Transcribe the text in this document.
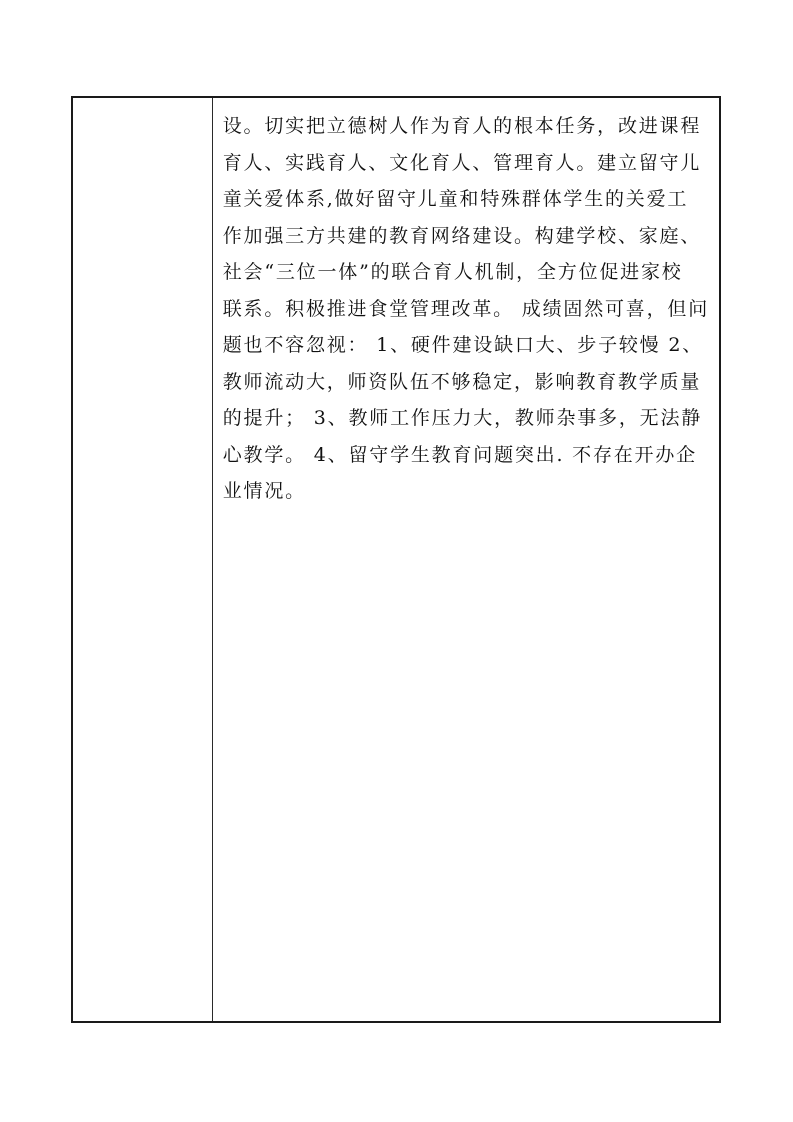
设。切实把立德树人作为育人的根本任务，改进课程
育人、实践育人、文化育人、管理育人。建立留守儿
童关爱体系,做好留守儿童和特殊群体学生的关爱工
作加强三方共建的教育网络建设。构建学校、家庭、
社会“三位一体”的联合育人机制，全方位促进家校
联系。积极推进食堂管理改革。 成绩固然可喜，但问
题也不容忽视： 1、硬件建设缺口大、步子较慢 2、
教师流动大，师资队伍不够稳定，影响教育教学质量
的提升； 3、教师工作压力大，教师杂事多，无法静
心教学。 4、留守学生教育问题突出. 不存在开办企
业情况。
